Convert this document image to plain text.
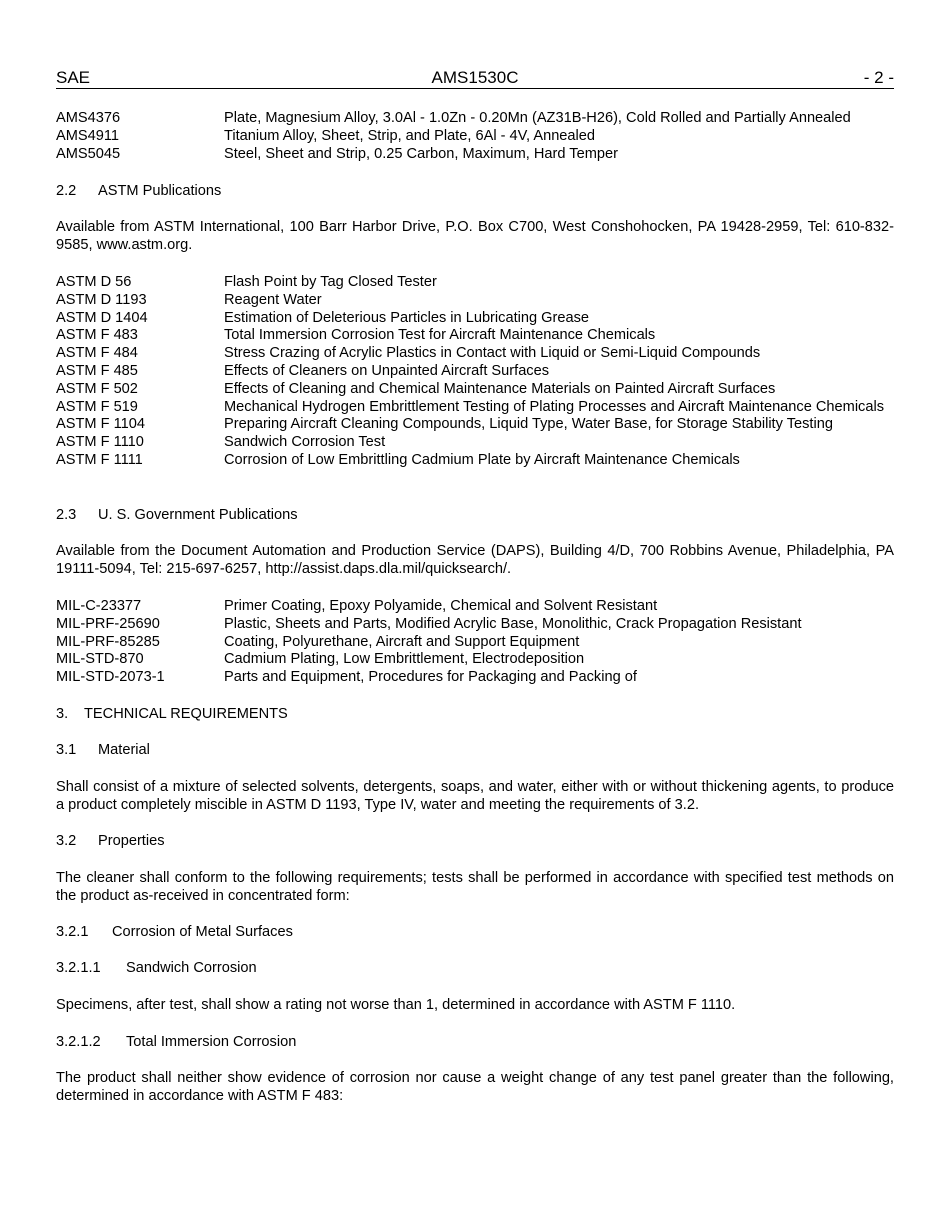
SAE	AMS1530C	- 2 -
AMS4376	Plate, Magnesium Alloy, 3.0Al - 1.0Zn - 0.20Mn (AZ31B-H26), Cold Rolled and Partially Annealed
AMS4911	Titanium Alloy, Sheet, Strip, and Plate, 6Al - 4V, Annealed
AMS5045	Steel, Sheet and Strip, 0.25 Carbon, Maximum, Hard Temper
2.2 ASTM Publications
Available from ASTM International, 100 Barr Harbor Drive, P.O. Box C700, West Conshohocken, PA 19428-2959, Tel: 610-832-9585, www.astm.org.
ASTM D 56	Flash Point by Tag Closed Tester
ASTM D 1193	Reagent Water
ASTM D 1404	Estimation of Deleterious Particles in Lubricating Grease
ASTM F 483	Total Immersion Corrosion Test for Aircraft Maintenance Chemicals
ASTM F 484	Stress Crazing of Acrylic Plastics in Contact with Liquid or Semi-Liquid Compounds
ASTM F 485	Effects of Cleaners on Unpainted Aircraft Surfaces
ASTM F 502	Effects of Cleaning and Chemical Maintenance Materials on Painted Aircraft Surfaces
ASTM F 519	Mechanical Hydrogen Embrittlement Testing of Plating Processes and Aircraft Maintenance Chemicals
ASTM F 1104	Preparing Aircraft Cleaning Compounds, Liquid Type, Water Base, for Storage Stability Testing
ASTM F 1110	Sandwich Corrosion Test
ASTM F 1111	Corrosion of Low Embrittling Cadmium Plate by Aircraft Maintenance Chemicals
2.3 U. S. Government Publications
Available from the Document Automation and Production Service (DAPS), Building 4/D, 700 Robbins Avenue, Philadelphia, PA 19111-5094, Tel: 215-697-6257, http://assist.daps.dla.mil/quicksearch/.
MIL-C-23377	Primer Coating, Epoxy Polyamide, Chemical and Solvent Resistant
MIL-PRF-25690	Plastic, Sheets and Parts, Modified Acrylic Base, Monolithic, Crack Propagation Resistant
MIL-PRF-85285	Coating, Polyurethane, Aircraft and Support Equipment
MIL-STD-870	Cadmium Plating, Low Embrittlement, Electrodeposition
MIL-STD-2073-1	Parts and Equipment, Procedures for Packaging and Packing of
3. TECHNICAL REQUIREMENTS
3.1 Material
Shall consist of a mixture of selected solvents, detergents, soaps, and water, either with or without thickening agents, to produce a product completely miscible in ASTM D 1193, Type IV, water and meeting the requirements of 3.2.
3.2 Properties
The cleaner shall conform to the following requirements; tests shall be performed in accordance with specified test methods on the product as-received in concentrated form:
3.2.1 Corrosion of Metal Surfaces
3.2.1.1 Sandwich Corrosion
Specimens, after test, shall show a rating not worse than 1, determined in accordance with ASTM F 1110.
3.2.1.2 Total Immersion Corrosion
The product shall neither show evidence of corrosion nor cause a weight change of any test panel greater than the following, determined in accordance with ASTM F 483:
